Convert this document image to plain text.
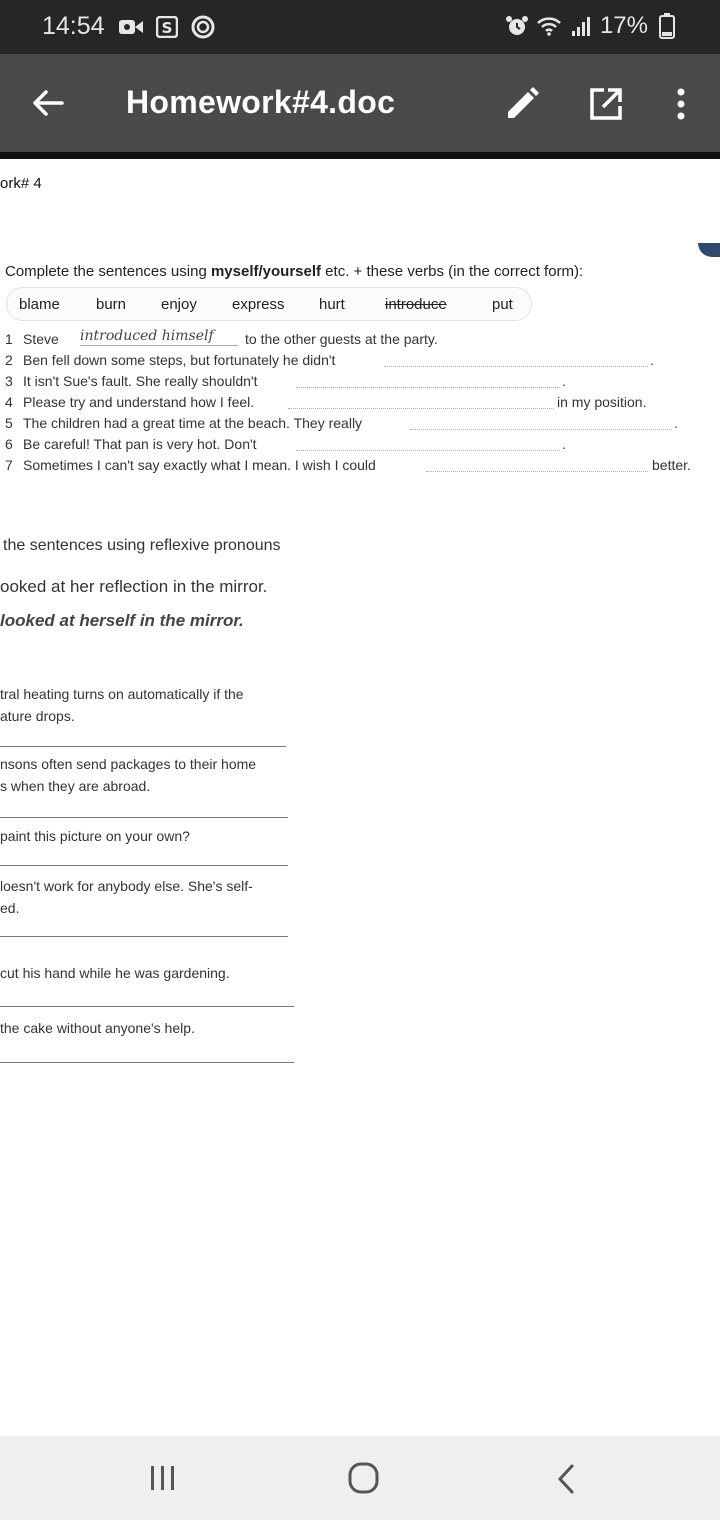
14:54	S	17%
Homework#4.doc
ork# 4
Complete the sentences using myself/yourself etc. + these verbs (in the correct form):
blame burn enjoy express hurt	introduce	put
1 Steve introduced himself to the other guests at the party.
2 Ben fell down some steps, but fortunately he didn't	.
3 It isn't Sue's fault. She really shouldn't	.
4 Please try and understand how I feel.	in my position.
5 The children had a great time at the beach. They really	.
6 Be careful! That pan is very hot. Don't	.
7 Sometimes I can't say exactly what I mean. I wish I could	better.
the sentences using reflexive pronouns
ooked at her reflection in the mirror.
looked at herself in the mirror.
tral heating turns on automatically if the
ature drops.
nsons often send packages to their home
s when they are abroad.
paint this picture on your own?
loesn't work for anybody else. She's self-
ed.
cut his hand while he was gardening.
the cake without anyone's help.
